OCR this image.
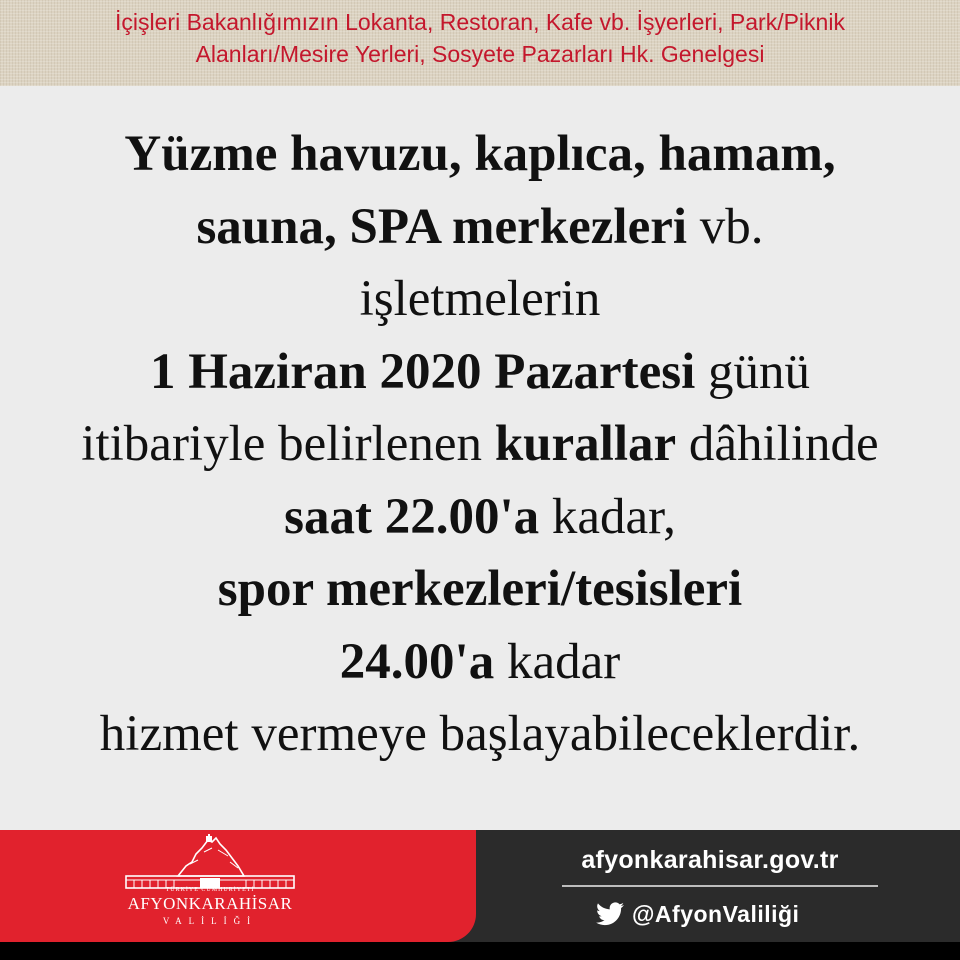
İçişleri Bakanlığımızın Lokanta, Restoran, Kafe vb. İşyerleri, Park/Piknik
Alanları/Mesire Yerleri, Sosyete Pazarları Hk. Genelgesi
Yüzme havuzu, kaplıca, hamam,
sauna, SPA merkezleri vb.
işletmelerin
1 Haziran 2020 Pazartesi günü
itibariyle belirlenen kurallar dâhilinde
saat 22.00'a kadar,
spor merkezleri/tesisleri
24.00'a kadar
hizmet vermeye başlayabileceklerdir.
TÜRKİYE CUMHURİYETİ
AFYONKARAHİSAR
VALİLİĞİ
afyonkarahisar.gov.tr
@AfyonValiliği
